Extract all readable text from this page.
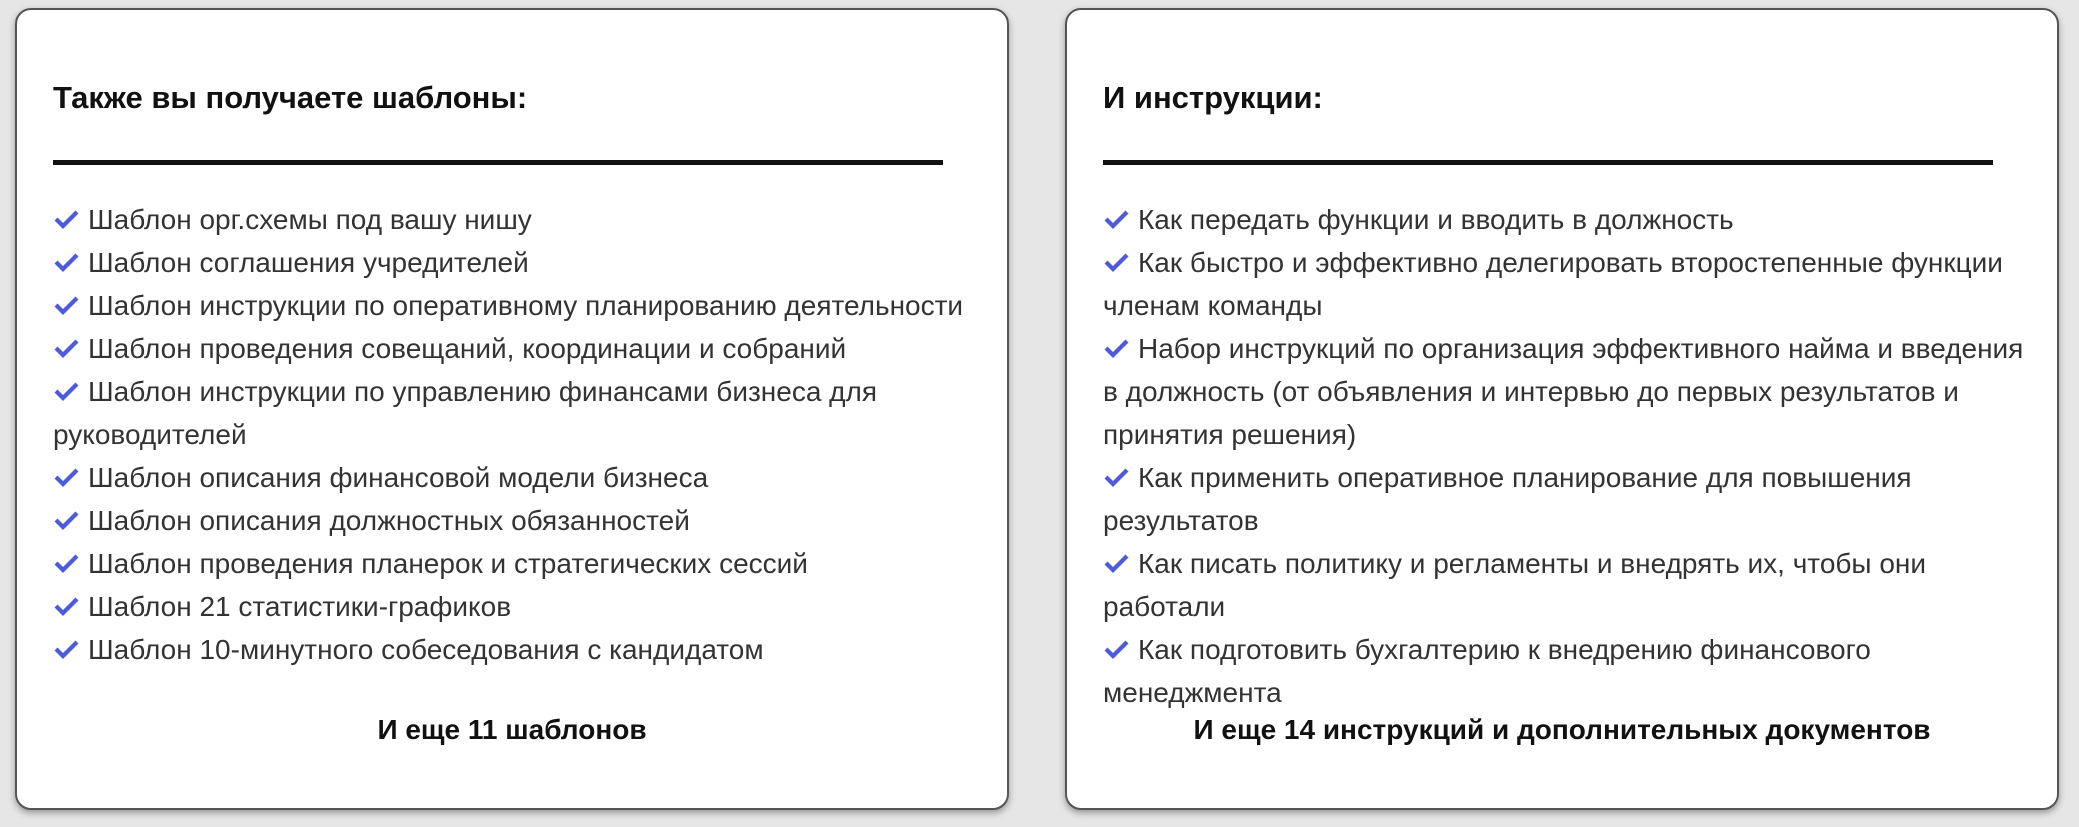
Также вы получаете шаблоны:
Шаблон орг.схемы под вашу нишу
Шаблон соглашения учредителей
Шаблон инструкции по оперативному планированию деятельности
Шаблон проведения совещаний, координации и собраний
Шаблон инструкции по управлению финансами бизнеса для руководителей
Шаблон описания финансовой модели бизнеса
Шаблон описания должностных обязанностей
Шаблон проведения планерок и стратегических сессий
Шаблон 21 статистики-графиков
Шаблон 10-минутного собеседования с кандидатом
И еще 11 шаблонов
И инструкции:
Как передать функции и вводить в должность
Как быстро и эффективно делегировать второстепенные функции членам команды
Набор инструкций по организация эффективного найма и введения в должность (от объявления и интервью до первых результатов и принятия решения)
Как применить оперативное планирование для повышения результатов
Как писать политику и регламенты и внедрять их, чтобы они работали
Как подготовить бухгалтерию к внедрению финансового менеджмента
И еще 14 инструкций и дополнительных документов
